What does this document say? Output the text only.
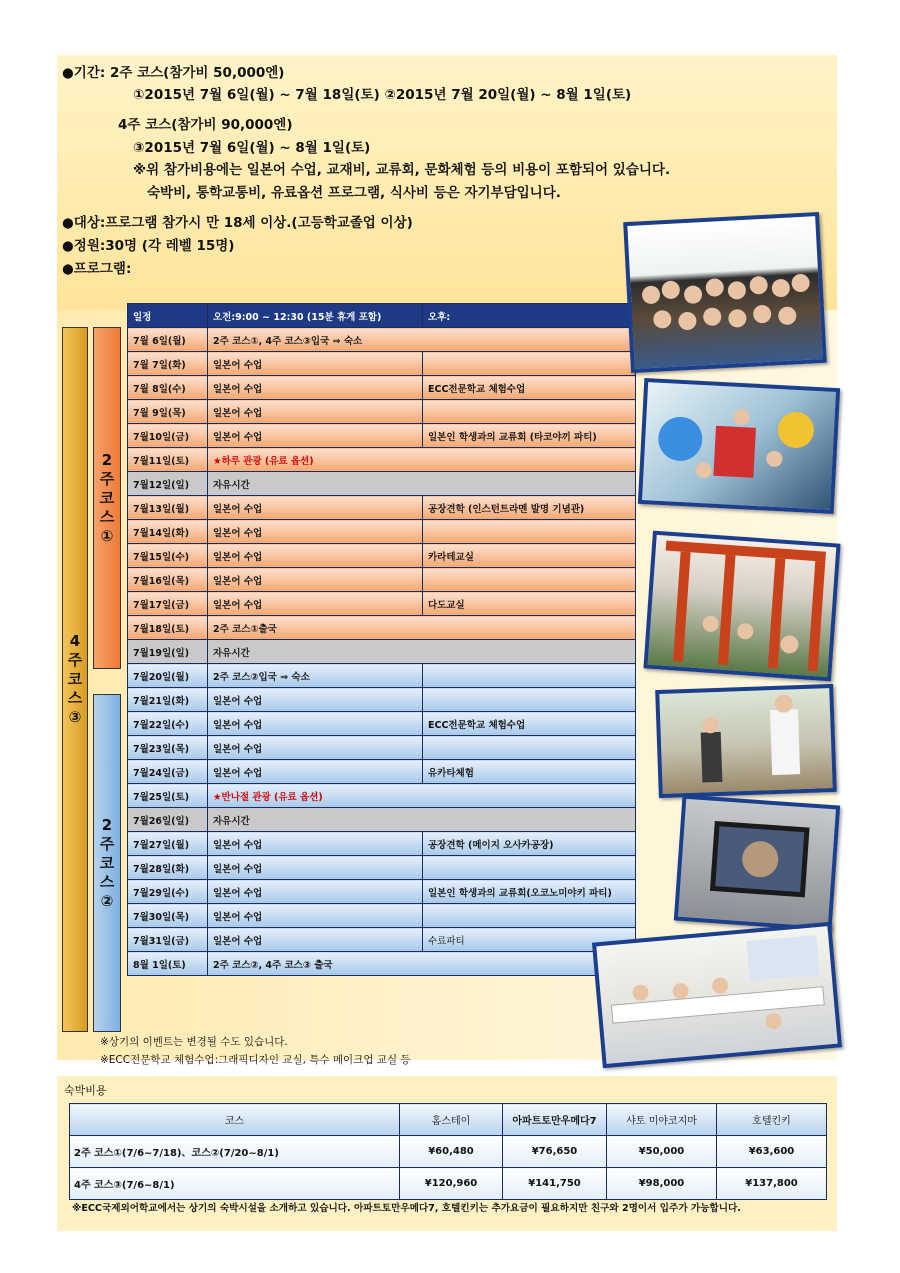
●기간: 2주 코스(참가비 50,000엔)
①2015년 7월 6일(월) ~ 7월 18일(토) ②2015년 7월 20일(월) ~ 8월 1일(토)
4주 코스(참가비 90,000엔)
③2015년 7월 6일(월) ~ 8월 1일(토)
※위 참가비용에는 일본어 수업, 교재비, 교류회, 문화체험 등의 비용이 포함되어 있습니다.
숙박비, 통학교통비, 유료옵션 프로그램, 식사비 등은 자기부담입니다.
●대상:프로그램 참가시 만 18세 이상.(고등학교졸업 이상)
●정원:30명 (각 레벨 15명)
●프로그램:
4
주
코
스
③
2
주
코
스
①
2
주
코
스
②
일정	오전:9:00 ~ 12:30 (15분 휴게 포함)	오후:
7월 6일(월)	2주 코스①, 4주 코스③입국 ⇒ 숙소	
7월 7일(화)	일본어 수업	
7월 8일(수)	일본어 수업	ECC전문학교 체험수업
7월 9일(목)	일본어 수업	
7월10일(금)	일본어 수업	일본인 학생과의 교류회 (타코야끼 파티)
7월11일(토)	★하루 관광 (유료 옵션)	
7월12일(일)	자유시간	
7월13일(월)	일본어 수업	공장견학 (인스턴트라멘 발명 기념관)
7월14일(화)	일본어 수업	
7월15일(수)	일본어 수업	카라테교실
7월16일(목)	일본어 수업	
7월17일(금)	일본어 수업	다도교실
7월18일(토)	2주 코스①출국	
7월19일(일)	자유시간	
7월20일(월)	2주 코스②입국 ⇒ 숙소	
7월21일(화)	일본어 수업	
7월22일(수)	일본어 수업	ECC전문학교 체험수업
7월23일(목)	일본어 수업	
7월24일(금)	일본어 수업	유카타체험
7월25일(토)	★반나절 관광 (유료 옵션)	
7월26일(일)	자유시간	
7월27일(월)	일본어 수업	공장견학 (메이지 오사카공장)
7월28일(화)	일본어 수업	
7월29일(수)	일본어 수업	일본인 학생과의 교류회(오코노미야키 파티)
7월30일(목)	일본어 수업	
7월31일(금)	일본어 수업	수료파티
8월 1일(토)	2주 코스②, 4주 코스③ 출국	
※상기의 이벤트는 변경될 수도 있습니다.
※ECC전문학교 체험수업:그래픽디자인 교실, 특수 메이크업 교실 등
숙박비용
코스	홈스테이	아파트토만우메다7	샤토 미야코지마	호텔킨키
2주 코스①(7/6~7/18)、코스②(7/20~8/1)	¥60,480	¥76,650	¥50,000	¥63,600
4주 코스③(7/6~8/1)	¥120,960	¥141,750	¥98,000	¥137,800
※ECC국제외어학교에서는 상기의 숙박시설을 소개하고 있습니다. 아파트토만우메다7, 호텔킨키는 추가요금이 필요하지만 친구와 2명이서 입주가 가능합니다.
